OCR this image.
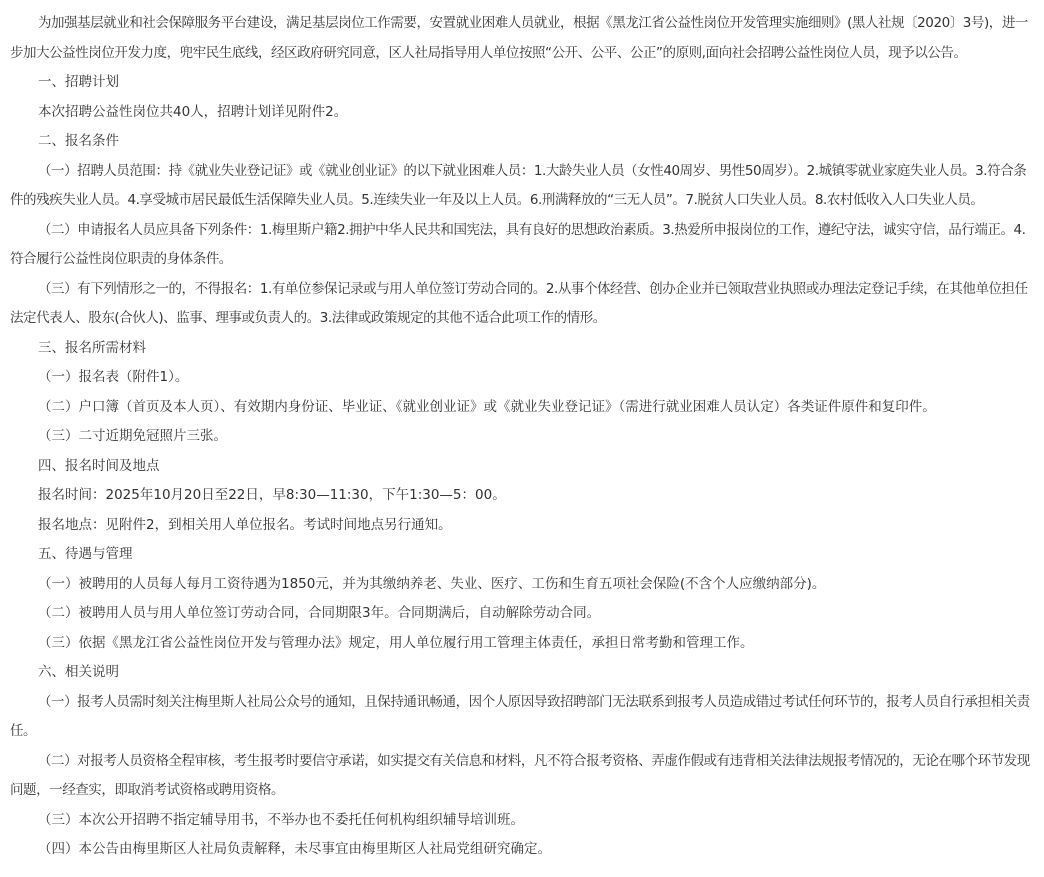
为加强基层就业和社会保障服务平台建设，满足基层岗位工作需要，安置就业困难人员就业，根据《黑龙江省公益性岗位开发管理实施细则》(黑人社规〔2020〕3号)，进一步加大公益性岗位开发力度，兜牢民生底线，经区政府研究同意，区人社局指导用人单位按照“公开、公平、公正”的原则,面向社会招聘公益性岗位人员，现予以公告。

一、招聘计划

本次招聘公益性岗位共40人，招聘计划详见附件2。

二、报名条件

（一）招聘人员范围：持《就业失业登记证》或《就业创业证》的以下就业困难人员：1.大龄失业人员（女性40周岁、男性50周岁）。2.城镇零就业家庭失业人员。3.符合条件的残疾失业人员。4.享受城市居民最低生活保障失业人员。5.连续失业一年及以上人员。6.刑满释放的“三无人员”。7.脱贫人口失业人员。8.农村低收入人口失业人员。

（二）申请报名人员应具备下列条件：1.梅里斯户籍2.拥护中华人民共和国宪法，具有良好的思想政治素质。3.热爱所申报岗位的工作，遵纪守法，诚实守信，品行端正。4.符合履行公益性岗位职责的身体条件。

（三）有下列情形之一的，不得报名：1.有单位参保记录或与用人单位签订劳动合同的。2.从事个体经营、创办企业并已领取营业执照或办理法定登记手续，在其他单位担任法定代表人、股东(合伙人)、监事、理事或负责人的。3.法律或政策规定的其他不适合此项工作的情形。

三、报名所需材料

（一）报名表（附件1）。

（二）户口簿（首页及本人页）、有效期内身份证、毕业证、《就业创业证》或《就业失业登记证》（需进行就业困难人员认定）各类证件原件和复印件。

（三）二寸近期免冠照片三张。

四、报名时间及地点

报名时间：2025年10月20日至22日，早8:30—11:30，下午1:30—5：00。

报名地点：见附件2，到相关用人单位报名。考试时间地点另行通知。

五、待遇与管理

（一）被聘用的人员每人每月工资待遇为1850元，并为其缴纳养老、失业、医疗、工伤和生育五项社会保险(不含个人应缴纳部分)。

（二）被聘用人员与用人单位签订劳动合同，合同期限3年。合同期满后，自动解除劳动合同。

（三）依据《黑龙江省公益性岗位开发与管理办法》规定，用人单位履行用工管理主体责任，承担日常考勤和管理工作。

六、相关说明

（一）报考人员需时刻关注梅里斯人社局公众号的通知，且保持通讯畅通，因个人原因导致招聘部门无法联系到报考人员造成错过考试任何环节的，报考人员自行承担相关责任。

（二）对报考人员资格全程审核，考生报考时要信守承诺，如实提交有关信息和材料，凡不符合报考资格、弄虚作假或有违背相关法律法规报考情况的，无论在哪个环节发现问题，一经查实，即取消考试资格或聘用资格。

（三）本次公开招聘不指定辅导用书，不举办也不委托任何机构组织辅导培训班。

（四）本公告由梅里斯区人社局负责解释，未尽事宜由梅里斯区人社局党组研究确定。
